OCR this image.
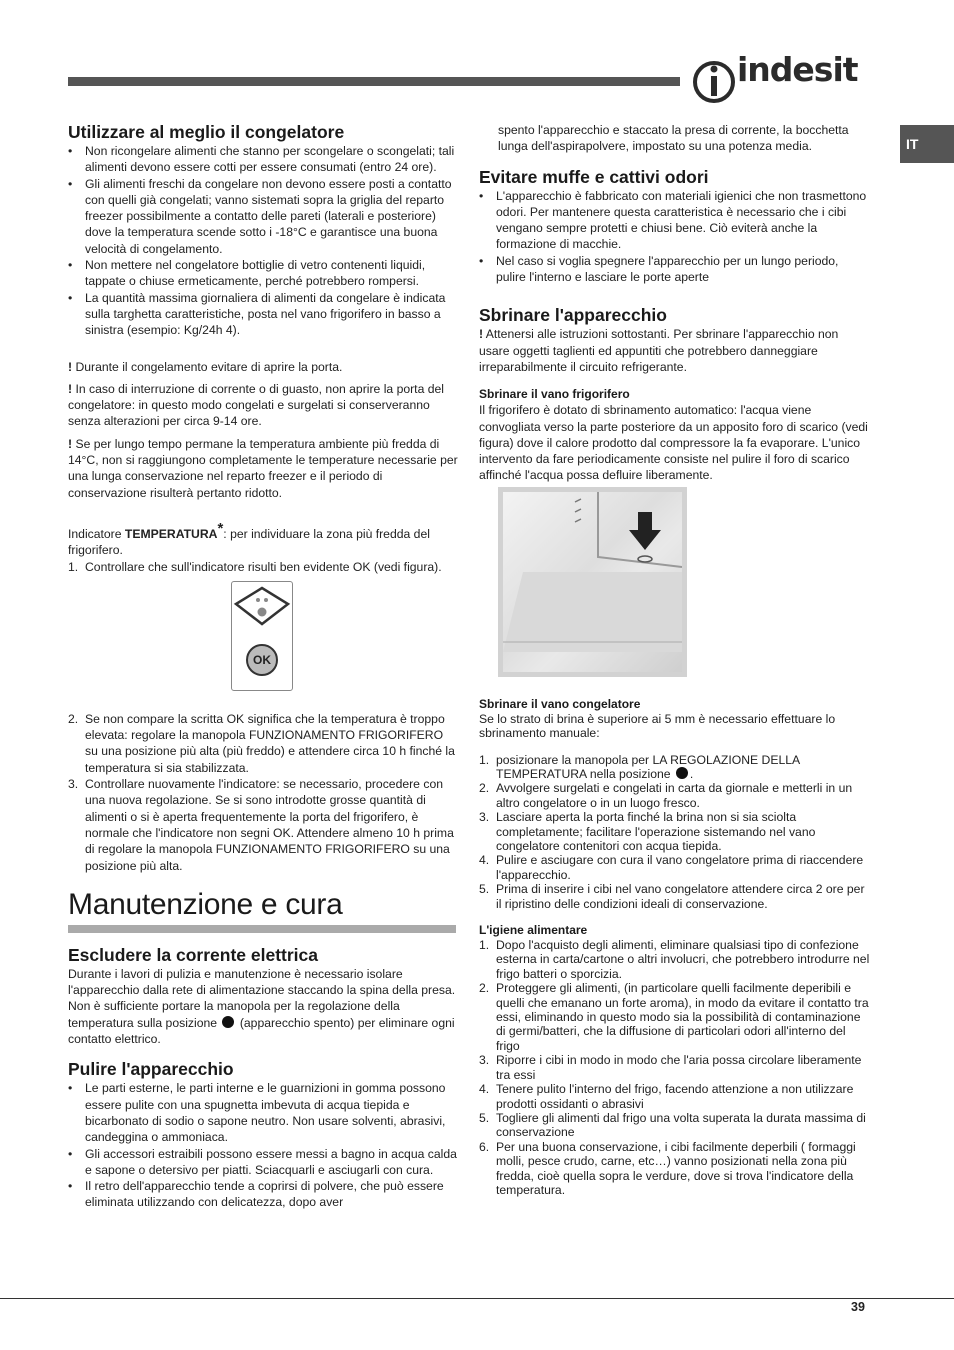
indesit
IT
Utilizzare al meglio il congelatore
• Non ricongelare alimenti che stanno per scongelare o scongelati; tali alimenti devono essere cotti per essere consumati (entro 24 ore).
• Gli alimenti freschi da congelare non devono essere posti a contatto con quelli già congelati; vanno sistemati sopra la griglia del reparto freezer possibilmente a contatto delle pareti (laterali e posteriore) dove la temperatura scende sotto i -18°C e garantisce una buona velocità di congelamento.
• Non mettere nel congelatore bottiglie di vetro contenenti liquidi, tappate o chiuse ermeticamente, perché potrebbero rompersi.
• La quantità massima giornaliera di alimenti da congelare è indicata sulla targhetta caratteristiche, posta nel vano frigorifero in basso a sinistra (esempio: Kg/24h 4).

! Durante il congelamento evitare di aprire la porta.

! In caso di interruzione di corrente o di guasto, non aprire la porta del congelatore: in questo modo congelati e surgelati si conserveranno senza alterazioni per circa 9-14 ore.

! Se per lungo tempo permane la temperatura ambiente più fredda di 14°C, non si raggiungono completamente le temperature necessarie per una lunga conservazione nel reparto freezer e il periodo di conservazione risulterà pertanto ridotto.

Indicatore TEMPERATURA*: per individuare la zona più fredda del frigorifero.

1. Controllare che sull'indicatore risulti ben evidente OK (vedi figura).
OK
2. Se non compare la scritta OK significa che la temperatura è troppo elevata: regolare la manopola FUNZIONAMENTO FRIGORIFERO su una posizione più alta (più freddo) e attendere circa 10 h finché la temperatura si sia stabilizzata.
3. Controllare nuovamente l'indicatore: se necessario, procedere con una nuova regolazione. Se si sono introdotte grosse quantità di alimenti o si è aperta frequentemente la porta del frigorifero, è normale che l'indicatore non segni OK. Attendere almeno 10 h prima di regolare la manopola FUNZIONAMENTO FRIGORIFERO su una posizione più alta.
Manutenzione e cura
Escludere la corrente elettrica

Durante i lavori di pulizia e manutenzione è necessario isolare l'apparecchio dalla rete di alimentazione staccando la spina della presa. Non è sufficiente portare la manopola per la regolazione della temperatura sulla posizione  (apparecchio spento) per eliminare ogni contatto elettrico.

Pulire l'apparecchio
• Le parti esterne, le parti interne e le guarnizioni in gomma possono essere pulite con una spugnetta imbevuta di acqua tiepida e bicarbonato di sodio o sapone neutro. Non usare solventi, abrasivi, candeggina o ammoniaca.
• Gli accessori estraibili possono essere messi a bagno in acqua calda e sapone o detersivo per piatti. Sciacquarli e asciugarli con cura.
• Il retro dell'apparecchio tende a coprirsi di polvere, che può essere eliminata utilizzando con delicatezza, dopo aver

spento l'apparecchio e staccato la presa di corrente, la bocchetta lunga dell'aspirapolvere, impostato su una potenza media.

Evitare muffe e cattivi odori
• L'apparecchio è fabbricato con materiali igienici che non trasmettono odori. Per mantenere questa caratteristica è necessario che i cibi vengano sempre protetti e chiusi bene. Ciò eviterà anche la formazione di macchie.
• Nel caso si voglia spegnere l'apparecchio per un lungo periodo, pulire l'interno e lasciare le porte aperte
Sbrinare l'apparecchio

! Attenersi alle istruzioni sottostanti. Per sbrinare l'apparecchio non usare oggetti taglienti ed appuntiti che potrebbero danneggiare irreparabilmente il circuito refrigerante.

Sbrinare il vano frigorifero

Il frigorifero è dotato di sbrinamento automatico: l'acqua viene convogliata verso la parte posteriore da un apposito foro di scarico (vedi figura) dove il calore prodotto dal compressore la fa evaporare. L'unico intervento da fare periodicamente consiste nel pulire il foro di scarico affinché l'acqua possa defluire liberamente.

Sbrinare il vano congelatore

Se lo strato di brina è superiore ai 5 mm è necessario effettuare lo sbrinamento manuale:

1. posizionare la manopola per LA REGOLAZIONE DELLA TEMPERATURA nella posizione .
2. Avvolgere surgelati e congelati in carta da giornale e metterli in un altro congelatore o in un luogo fresco.
3. Lasciare aperta la porta finché la brina non si sia sciolta completamente; facilitare l'operazione sistemando nel vano congelatore contenitori con acqua tiepida.
4. Pulire e asciugare con cura il vano congelatore prima di riaccendere l'apparecchio.
5. Prima di inserire i cibi nel vano congelatore attendere circa 2 ore per il ripristino delle condizioni ideali di conservazione.
L'igiene alimentare
1. Dopo l'acquisto degli alimenti, eliminare qualsiasi tipo di confezione esterna in carta/cartone o altri involucri, che potrebbero introdurre nel frigo batteri o sporcizia.
2. Proteggere gli alimenti, (in particolare quelli facilmente deperibili e quelli che emanano un forte aroma), in modo da evitare il contatto tra essi, eliminando in questo modo sia la possibilità di contaminazione di germi/batteri, che la diffusione di particolari odori all'interno del frigo
3. Riporre i cibi in modo in modo che l'aria possa circolare liberamente tra essi
4. Tenere pulito l'interno del frigo, facendo attenzione a non utilizzare prodotti ossidanti o abrasivi
5. Togliere gli alimenti dal frigo una volta superata la durata massima di conservazione
6. Per una buona conservazione, i cibi facilmente deperbili ( formaggi molli, pesce crudo, carne, etc…) vanno posizionati nella zona più fredda, cioè quella sopra le verdure, dove si trova l'indicatore della temperatura.
39
